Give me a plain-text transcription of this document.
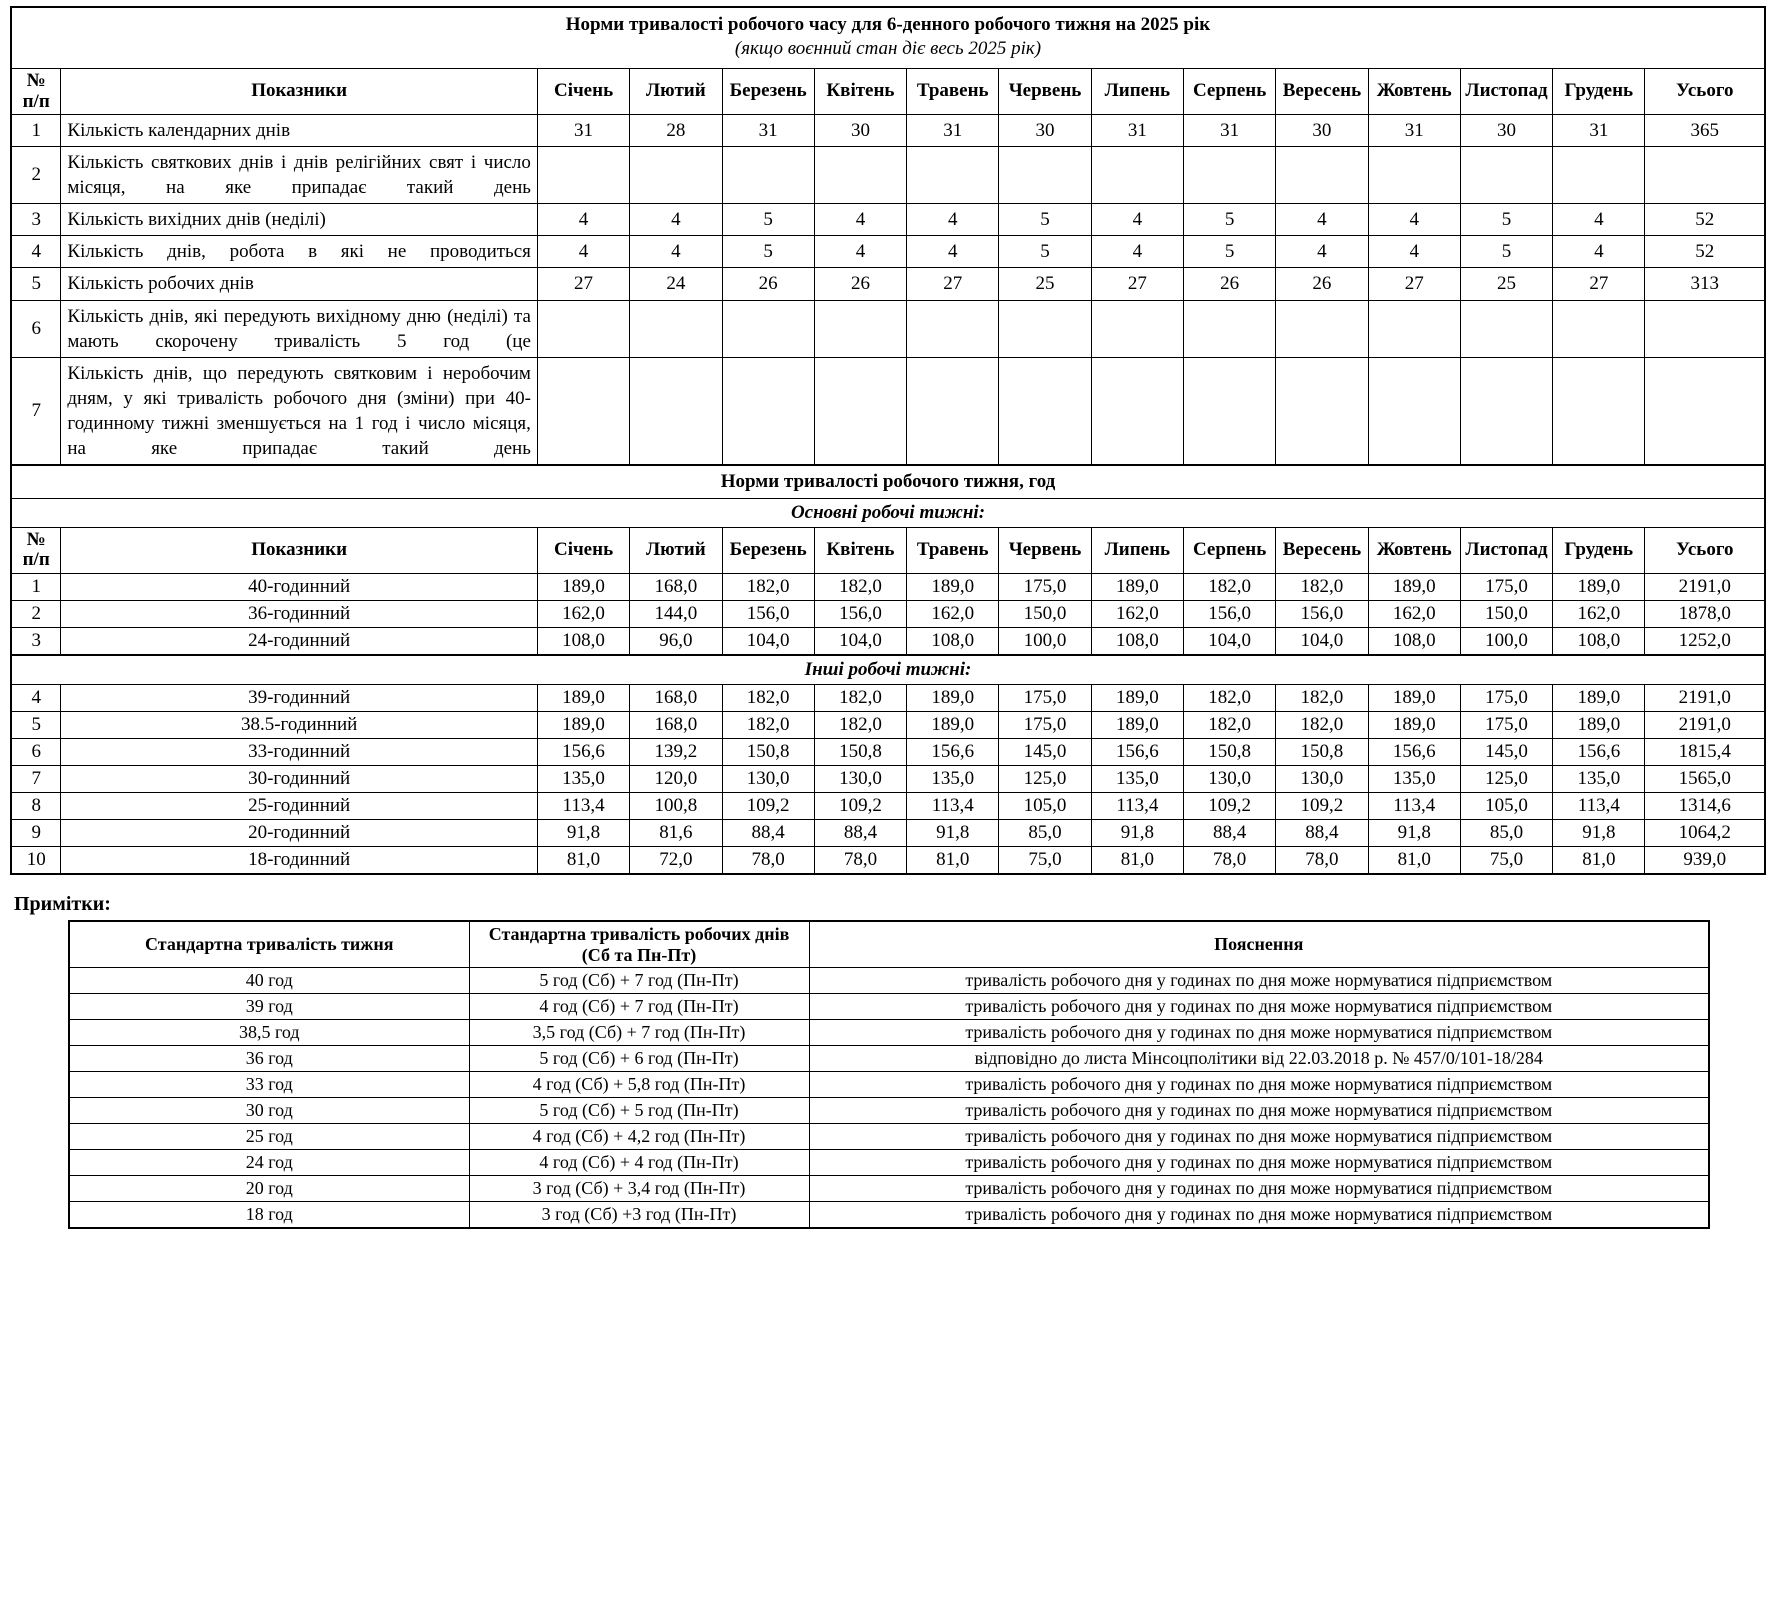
Норми тривалості робочого часу для 6-денного робочого тижня на 2025 рік														
(якщо воєнний стан діє весь 2025 рік)														

№
п/п	Показники	Січень	Лютий	Березень	Квітень	Травень	Червень	Липень	Серпень	Вересень	Жовтень	Листопад	Грудень	Усього
1	Кількість календарних днів	31	28	31	30	31	30	31	31	30	31	30	31	365
2	Кількість святкових днів і днів релігійних свят і число місяця, на яке припадає такий день													
3	Кількість вихідних днів (неділі)	4	4	5	4	4	5	4	5	4	4	5	4	52
4	Кількість днів, робота в які не проводиться	4	4	5	4	4	5	4	5	4	4	5	4	52
5	Кількість робочих днів	27	24	26	26	27	25	27	26	26	27	25	27	313
6	Кількість днів, які передують вихідному дню (неділі) та мають скорочену тривалість 5 год (це													
7	Кількість днів, що передують святковим і неробочим дням, у які тривалість робочого дня (зміни) при 40-годинному тижні зменшується на 1 год і число місяця, на яке припадає такий день													
Норми тривалості робочого тижня, год														
Основні робочі тижні:														

№
п/п	Показники	Січень	Лютий	Березень	Квітень	Травень	Червень	Липень	Серпень	Вересень	Жовтень	Листопад	Грудень	Усього
1	40-годинний	189,0	168,0	182,0	182,0	189,0	175,0	189,0	182,0	182,0	189,0	175,0	189,0	2191,0
2	36-годинний	162,0	144,0	156,0	156,0	162,0	150,0	162,0	156,0	156,0	162,0	150,0	162,0	1878,0
3	24-годинний	108,0	96,0	104,0	104,0	108,0	100,0	108,0	104,0	104,0	108,0	100,0	108,0	1252,0
Інші робочі тижні:														
4	39-годинний	189,0	168,0	182,0	182,0	189,0	175,0	189,0	182,0	182,0	189,0	175,0	189,0	2191,0
5	38.5-годинний	189,0	168,0	182,0	182,0	189,0	175,0	189,0	182,0	182,0	189,0	175,0	189,0	2191,0
6	33-годинний	156,6	139,2	150,8	150,8	156,6	145,0	156,6	150,8	150,8	156,6	145,0	156,6	1815,4
7	30-годинний	135,0	120,0	130,0	130,0	135,0	125,0	135,0	130,0	130,0	135,0	125,0	135,0	1565,0
8	25-годинний	113,4	100,8	109,2	109,2	113,4	105,0	113,4	109,2	109,2	113,4	105,0	113,4	1314,6
9	20-годинний	91,8	81,6	88,4	88,4	91,8	85,0	91,8	88,4	88,4	91,8	85,0	91,8	1064,2
10	18-годинний	81,0	72,0	78,0	78,0	81,0	75,0	81,0	78,0	78,0	81,0	75,0	81,0	939,0
Примітки:
Стандартна тривалість тижня	Стандартна тривалість робочих днів (Сб та Пн-Пт)	Пояснення
40 год	5 год (Сб) + 7 год (Пн-Пт)	тривалість робочого дня у годинах по дня може нормуватися підприємством
39 год	4 год (Сб) + 7 год (Пн-Пт)	тривалість робочого дня у годинах по дня може нормуватися підприємством
38,5 год	3,5 год (Сб) + 7 год (Пн-Пт)	тривалість робочого дня у годинах по дня може нормуватися підприємством
36 год	5 год (Сб) + 6 год (Пн-Пт)	відповідно до листа Мінсоцполітики від 22.03.2018 р. № 457/0/101-18/284
33 год	4 год (Сб) + 5,8 год (Пн-Пт)	тривалість робочого дня у годинах по дня може нормуватися підприємством
30 год	5 год (Сб) + 5 год (Пн-Пт)	тривалість робочого дня у годинах по дня може нормуватися підприємством
25 год	4 год (Сб) + 4,2 год (Пн-Пт)	тривалість робочого дня у годинах по дня може нормуватися підприємством
24 год	4 год (Сб) + 4 год (Пн-Пт)	тривалість робочого дня у годинах по дня може нормуватися підприємством
20 год	3 год (Сб) + 3,4 год (Пн-Пт)	тривалість робочого дня у годинах по дня може нормуватися підприємством
18 год	3 год (Сб) +3 год (Пн-Пт)	тривалість робочого дня у годинах по дня може нормуватися підприємством
